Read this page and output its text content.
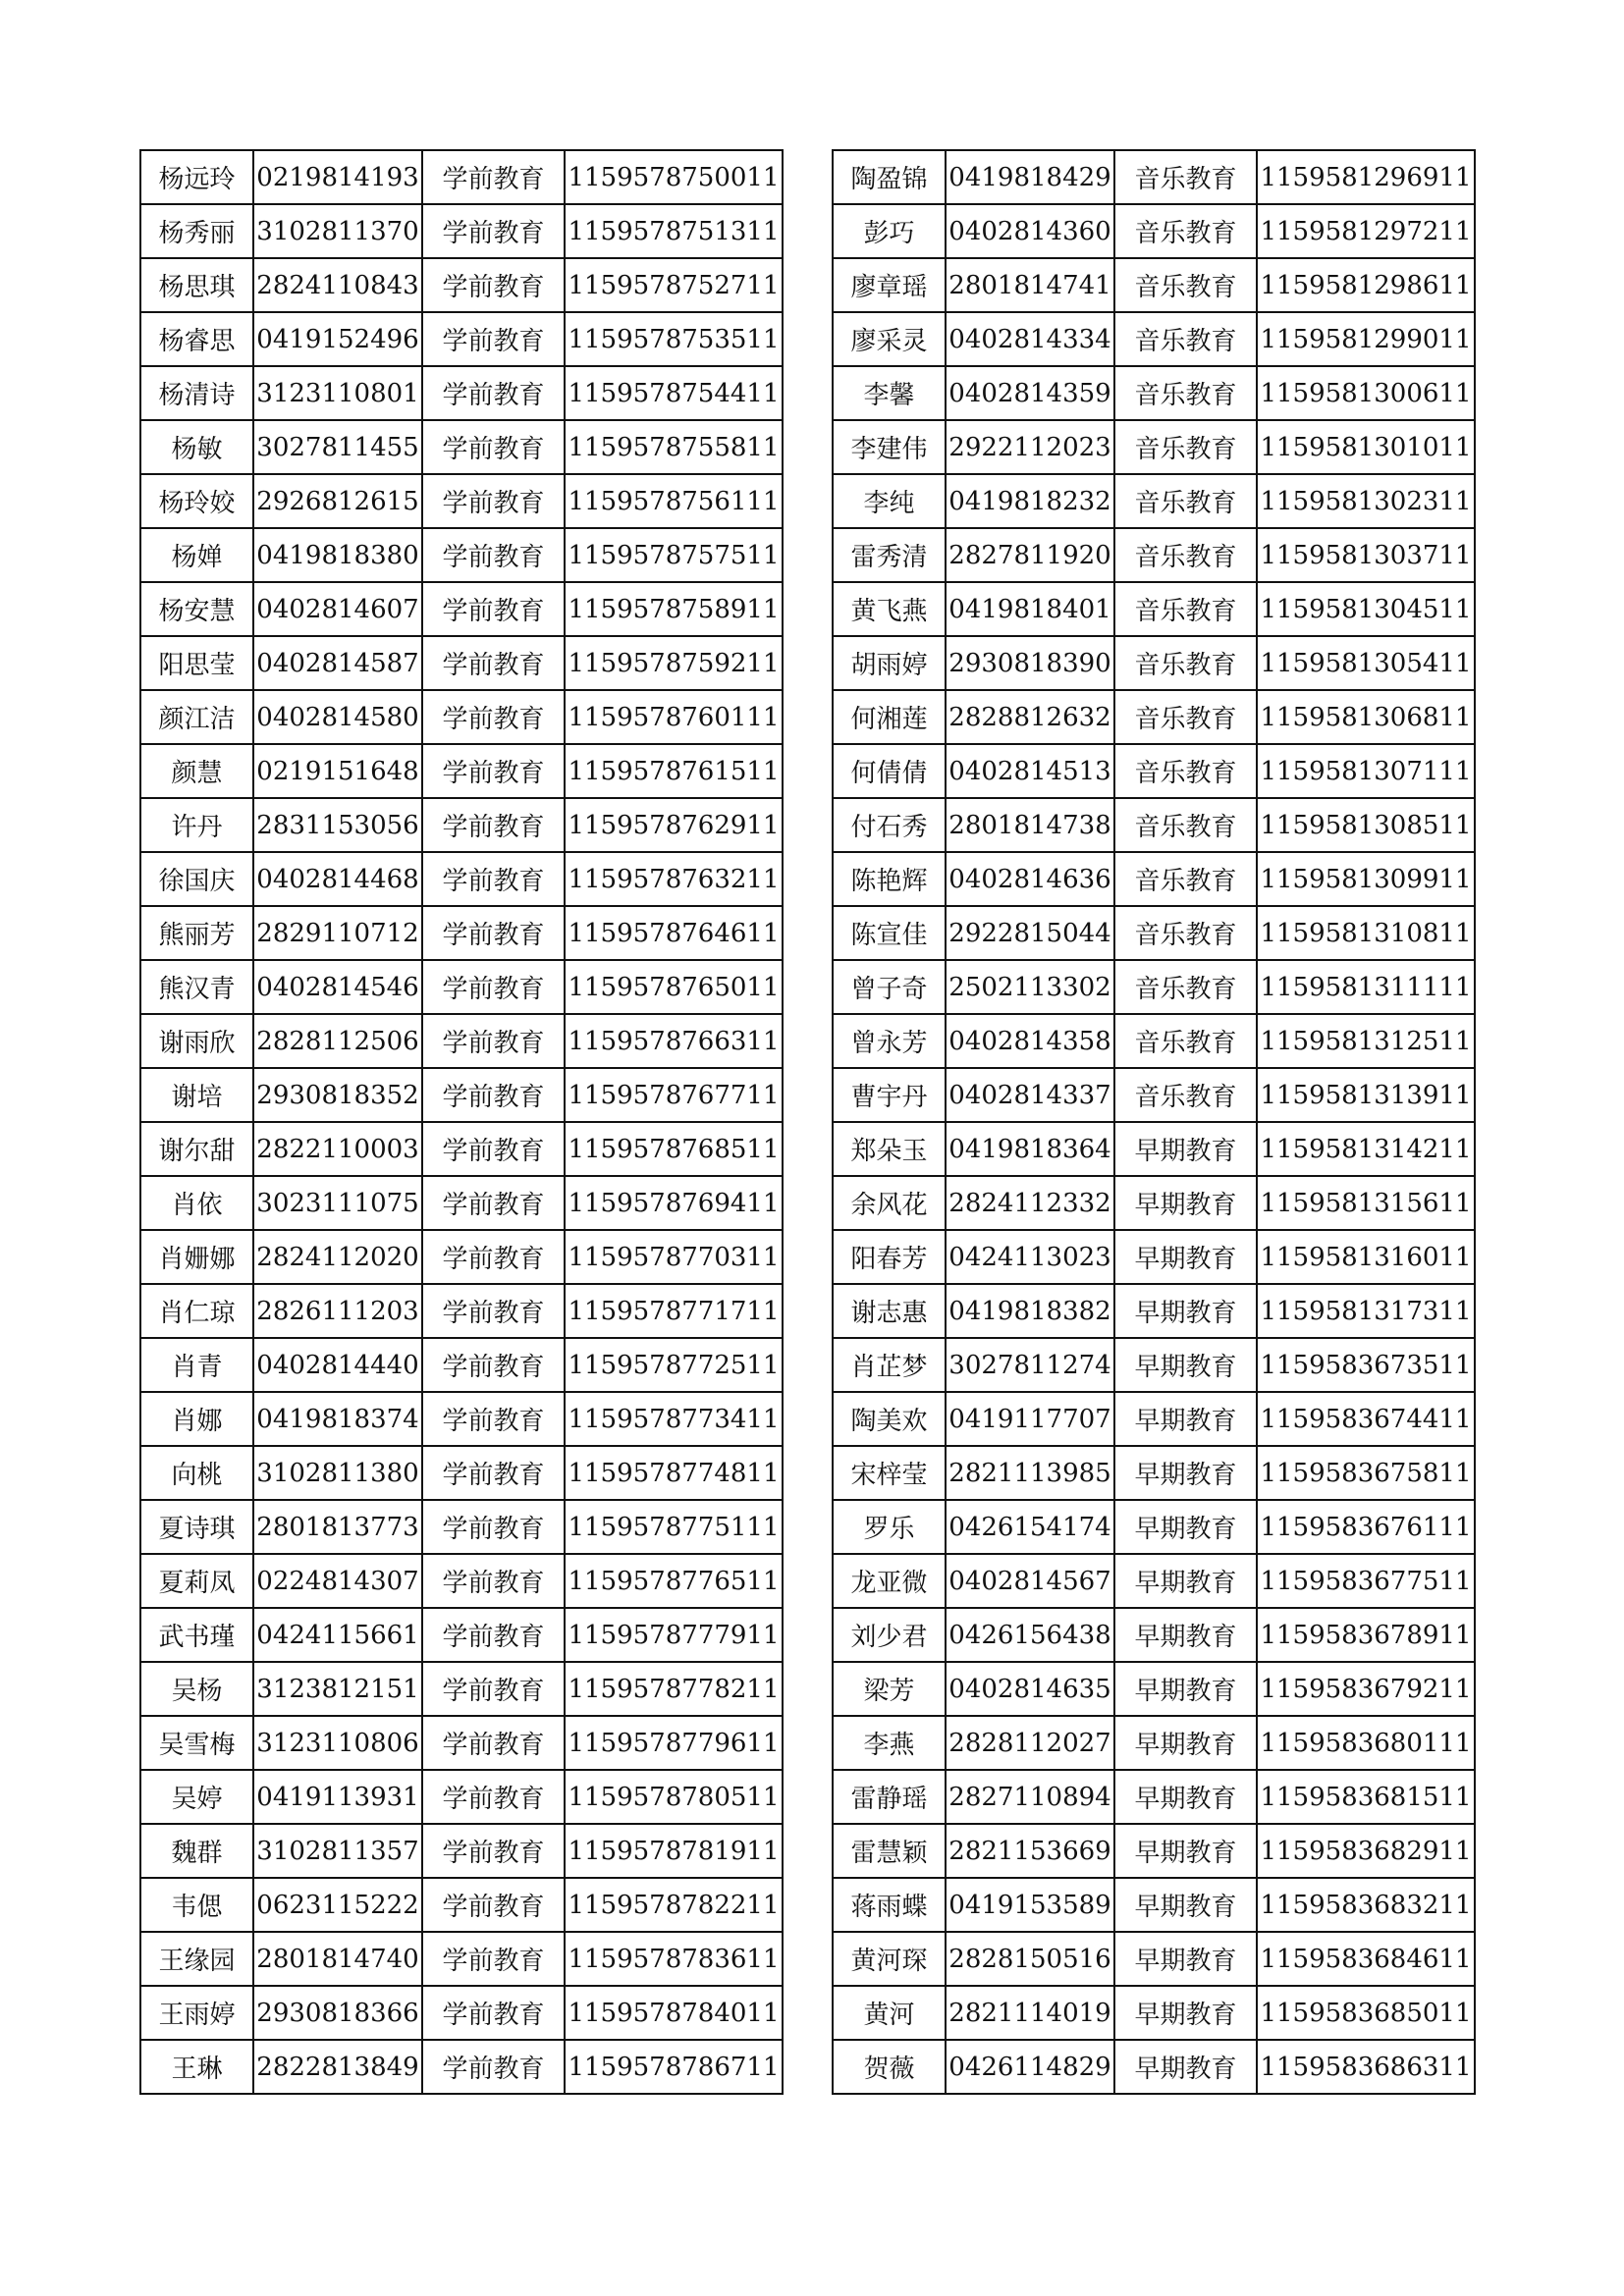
杨远玲	0219814193	学前教育	1159578750011
杨秀丽	3102811370	学前教育	1159578751311
杨思琪	2824110843	学前教育	1159578752711
杨睿思	0419152496	学前教育	1159578753511
杨清诗	3123110801	学前教育	1159578754411
杨敏	3027811455	学前教育	1159578755811
杨玲姣	2926812615	学前教育	1159578756111
杨婵	0419818380	学前教育	1159578757511
杨安慧	0402814607	学前教育	1159578758911
阳思莹	0402814587	学前教育	1159578759211
颜江洁	0402814580	学前教育	1159578760111
颜慧	0219151648	学前教育	1159578761511
许丹	2831153056	学前教育	1159578762911
徐国庆	0402814468	学前教育	1159578763211
熊丽芳	2829110712	学前教育	1159578764611
熊汉青	0402814546	学前教育	1159578765011
谢雨欣	2828112506	学前教育	1159578766311
谢培	2930818352	学前教育	1159578767711
谢尔甜	2822110003	学前教育	1159578768511
肖依	3023111075	学前教育	1159578769411
肖姗娜	2824112020	学前教育	1159578770311
肖仁琼	2826111203	学前教育	1159578771711
肖青	0402814440	学前教育	1159578772511
肖娜	0419818374	学前教育	1159578773411
向桃	3102811380	学前教育	1159578774811
夏诗琪	2801813773	学前教育	1159578775111
夏莉凤	0224814307	学前教育	1159578776511
武书瑾	0424115661	学前教育	1159578777911
吴杨	3123812151	学前教育	1159578778211
吴雪梅	3123110806	学前教育	1159578779611
吴婷	0419113931	学前教育	1159578780511
魏群	3102811357	学前教育	1159578781911
韦偲	0623115222	学前教育	1159578782211
王缘园	2801814740	学前教育	1159578783611
王雨婷	2930818366	学前教育	1159578784011
王琳	2822813849	学前教育	1159578786711
陶盈锦	0419818429	音乐教育	1159581296911
彭巧	0402814360	音乐教育	1159581297211
廖章瑶	2801814741	音乐教育	1159581298611
廖采灵	0402814334	音乐教育	1159581299011
李馨	0402814359	音乐教育	1159581300611
李建伟	2922112023	音乐教育	1159581301011
李纯	0419818232	音乐教育	1159581302311
雷秀清	2827811920	音乐教育	1159581303711
黄飞燕	0419818401	音乐教育	1159581304511
胡雨婷	2930818390	音乐教育	1159581305411
何湘莲	2828812632	音乐教育	1159581306811
何倩倩	0402814513	音乐教育	1159581307111
付石秀	2801814738	音乐教育	1159581308511
陈艳辉	0402814636	音乐教育	1159581309911
陈宣佳	2922815044	音乐教育	1159581310811
曾子奇	2502113302	音乐教育	1159581311111
曾永芳	0402814358	音乐教育	1159581312511
曹宇丹	0402814337	音乐教育	1159581313911
郑朵玉	0419818364	早期教育	1159581314211
余风花	2824112332	早期教育	1159581315611
阳春芳	0424113023	早期教育	1159581316011
谢志惠	0419818382	早期教育	1159581317311
肖芷梦	3027811274	早期教育	1159583673511
陶美欢	0419117707	早期教育	1159583674411
宋梓莹	2821113985	早期教育	1159583675811
罗乐	0426154174	早期教育	1159583676111
龙亚微	0402814567	早期教育	1159583677511
刘少君	0426156438	早期教育	1159583678911
梁芳	0402814635	早期教育	1159583679211
李燕	2828112027	早期教育	1159583680111
雷静瑶	2827110894	早期教育	1159583681511
雷慧颖	2821153669	早期教育	1159583682911
蒋雨蝶	0419153589	早期教育	1159583683211
黄河琛	2828150516	早期教育	1159583684611
黄河	2821114019	早期教育	1159583685011
贺薇	0426114829	早期教育	1159583686311
